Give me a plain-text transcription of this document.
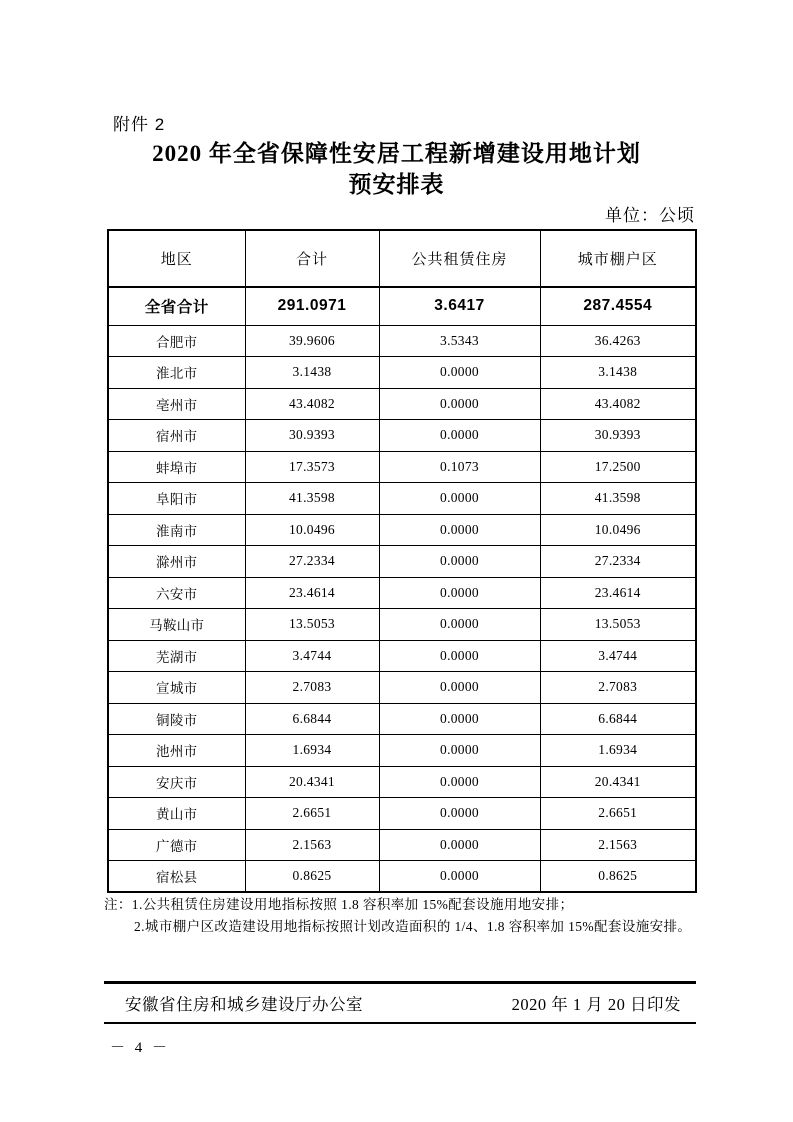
附件 2
2020 年全省保障性安居工程新增建设用地计划
预安排表
单位：公顷
地区	合计	公共租赁住房	城市棚户区
全省合计	291.0971	3.6417	287.4554
合肥市	39.9606	3.5343	36.4263
淮北市	3.1438	0.0000	3.1438
亳州市	43.4082	0.0000	43.4082
宿州市	30.9393	0.0000	30.9393
蚌埠市	17.3573	0.1073	17.2500
阜阳市	41.3598	0.0000	41.3598
淮南市	10.0496	0.0000	10.0496
滁州市	27.2334	0.0000	27.2334
六安市	23.4614	0.0000	23.4614
马鞍山市	13.5053	0.0000	13.5053
芜湖市	3.4744	0.0000	3.4744
宣城市	2.7083	0.0000	2.7083
铜陵市	6.6844	0.0000	6.6844
池州市	1.6934	0.0000	1.6934
安庆市	20.4341	0.0000	20.4341
黄山市	2.6651	0.0000	2.6651
广德市	2.1563	0.0000	2.1563
宿松县	0.8625	0.0000	0.8625
注：1.公共租赁住房建设用地指标按照 1.8 容积率加 15%配套设施用地安排；
2.城市棚户区改造建设用地指标按照计划改造面积的 1/4、1.8 容积率加 15%配套设施安排。
安徽省住房和城乡建设厅办公室	2020 年 1 月 20 日印发
－ 4 －
